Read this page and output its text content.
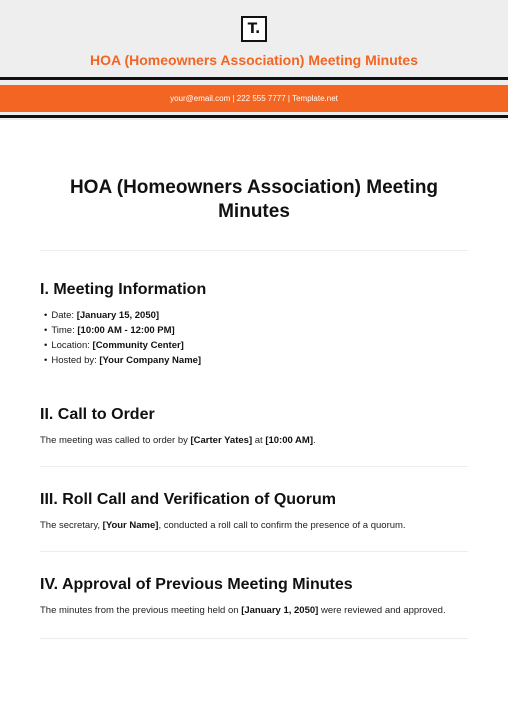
T.
HOA (Homeowners Association) Meeting Minutes
your@email.com | 222 555 7777 | Template.net
HOA (Homeowners Association) Meeting
Minutes
I. Meeting Information
• Date: [January 15, 2050]
• Time: [10:00 AM - 12:00 PM]
• Location: [Community Center]
• Hosted by: [Your Company Name]
II. Call to Order

The meeting was called to order by [Carter Yates] at [10:00 AM].

III. Roll Call and Verification of Quorum

The secretary, [Your Name], conducted a roll call to confirm the presence of a quorum.

IV. Approval of Previous Meeting Minutes

The minutes from the previous meeting held on [January 1, 2050] were reviewed and approved.
